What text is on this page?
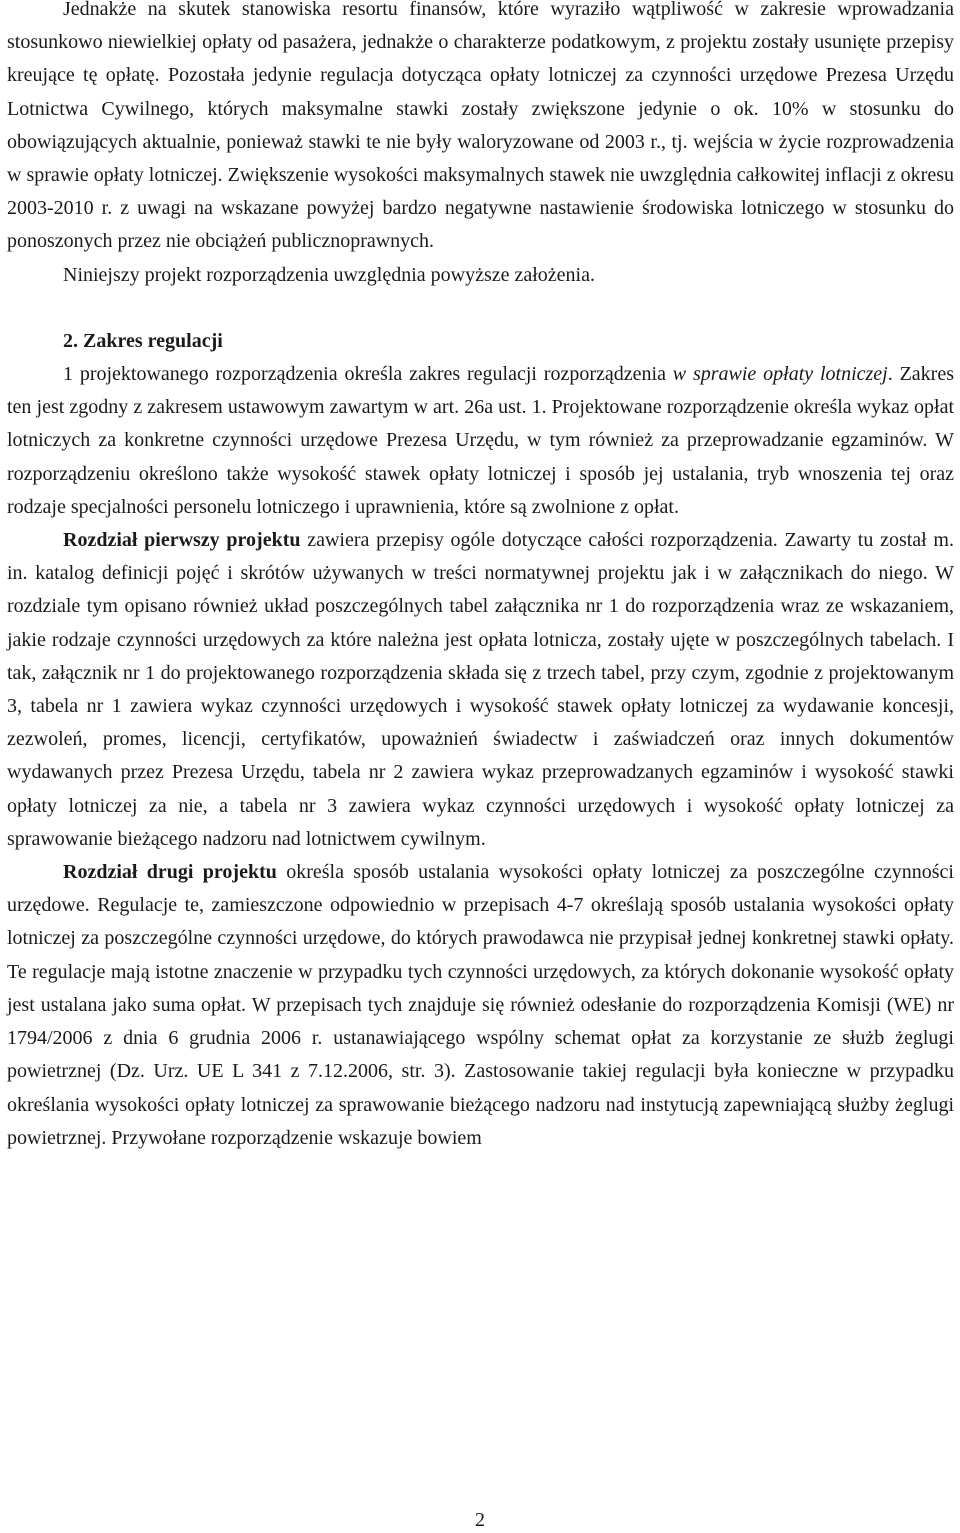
Jednakże na skutek stanowiska resortu finansów, które wyraziło wątpliwość w zakresie wprowadzania stosunkowo niewielkiej opłaty od pasażera, jednakże o charakterze podatkowym, z projektu zostały usunięte przepisy kreujące tę opłatę. Pozostała jedynie regulacja dotycząca opłaty lotniczej za czynności urzędowe Prezesa Urzędu Lotnictwa Cywilnego, których maksymalne stawki zostały zwiększone jedynie o ok. 10% w stosunku do obowiązujących aktualnie, ponieważ stawki te nie były waloryzowane od 2003 r., tj. wejścia w życie rozprowadzenia w sprawie opłaty lotniczej. Zwiększenie wysokości maksymalnych stawek nie uwzględnia całkowitej inflacji z okresu 2003-2010 r. z uwagi na wskazane powyżej bardzo negatywne nastawienie środowiska lotniczego w stosunku do ponoszonych przez nie obciążeń publicznoprawnych.

Niniejszy projekt rozporządzenia uwzględnia powyższe założenia.

2. Zakres regulacji

1 projektowanego rozporządzenia określa zakres regulacji rozporządzenia w sprawie opłaty lotniczej. Zakres ten jest zgodny z zakresem ustawowym zawartym w art. 26a ust. 1. Projektowane rozporządzenie określa wykaz opłat lotniczych za konkretne czynności urzędowe Prezesa Urzędu, w tym również za przeprowadzanie egzaminów. W rozporządzeniu określono także wysokość stawek opłaty lotniczej i sposób jej ustalania, tryb wnoszenia tej oraz rodzaje specjalności personelu lotniczego i uprawnienia, które są zwolnione z opłat.

Rozdział pierwszy projektu zawiera przepisy ogóle dotyczące całości rozporządzenia. Zawarty tu został m. in. katalog definicji pojęć i skrótów używanych w treści normatywnej projektu jak i w załącznikach do niego. W rozdziale tym opisano również układ poszczególnych tabel załącznika nr 1 do rozporządzenia wraz ze wskazaniem, jakie rodzaje czynności urzędowych za które należna jest opłata lotnicza, zostały ujęte w poszczególnych tabelach. I tak, załącznik nr 1 do projektowanego rozporządzenia składa się z trzech tabel, przy czym, zgodnie z projektowanym 3, tabela nr 1 zawiera wykaz czynności urzędowych i wysokość stawek opłaty lotniczej za wydawanie koncesji, zezwoleń, promes, licencji, certyfikatów, upoważnień świadectw i zaświadczeń oraz innych dokumentów wydawanych przez Prezesa Urzędu, tabela nr 2 zawiera wykaz przeprowadzanych egzaminów i wysokość stawki opłaty lotniczej za nie, a tabela nr 3 zawiera wykaz czynności urzędowych i wysokość opłaty lotniczej za sprawowanie bieżącego nadzoru nad lotnictwem cywilnym.

Rozdział drugi projektu określa sposób ustalania wysokości opłaty lotniczej za poszczególne czynności urzędowe. Regulacje te, zamieszczone odpowiednio w przepisach 4-7 określają sposób ustalania wysokości opłaty lotniczej za poszczególne czynności urzędowe, do których prawodawca nie przypisał jednej konkretnej stawki opłaty. Te regulacje mają istotne znaczenie w przypadku tych czynności urzędowych, za których dokonanie wysokość opłaty jest ustalana jako suma opłat. W przepisach tych znajduje się również odesłanie do rozporządzenia Komisji (WE) nr 1794/2006 z dnia 6 grudnia 2006 r. ustanawiającego wspólny schemat opłat za korzystanie ze służb żeglugi powietrznej (Dz. Urz. UE L 341 z 7.12.2006, str. 3). Zastosowanie takiej regulacji była konieczne w przypadku określania wysokości opłaty lotniczej za sprawowanie bieżącego nadzoru nad instytucją zapewniającą służby żeglugi powietrznej. Przywołane rozporządzenie wskazuje bowiem

2
